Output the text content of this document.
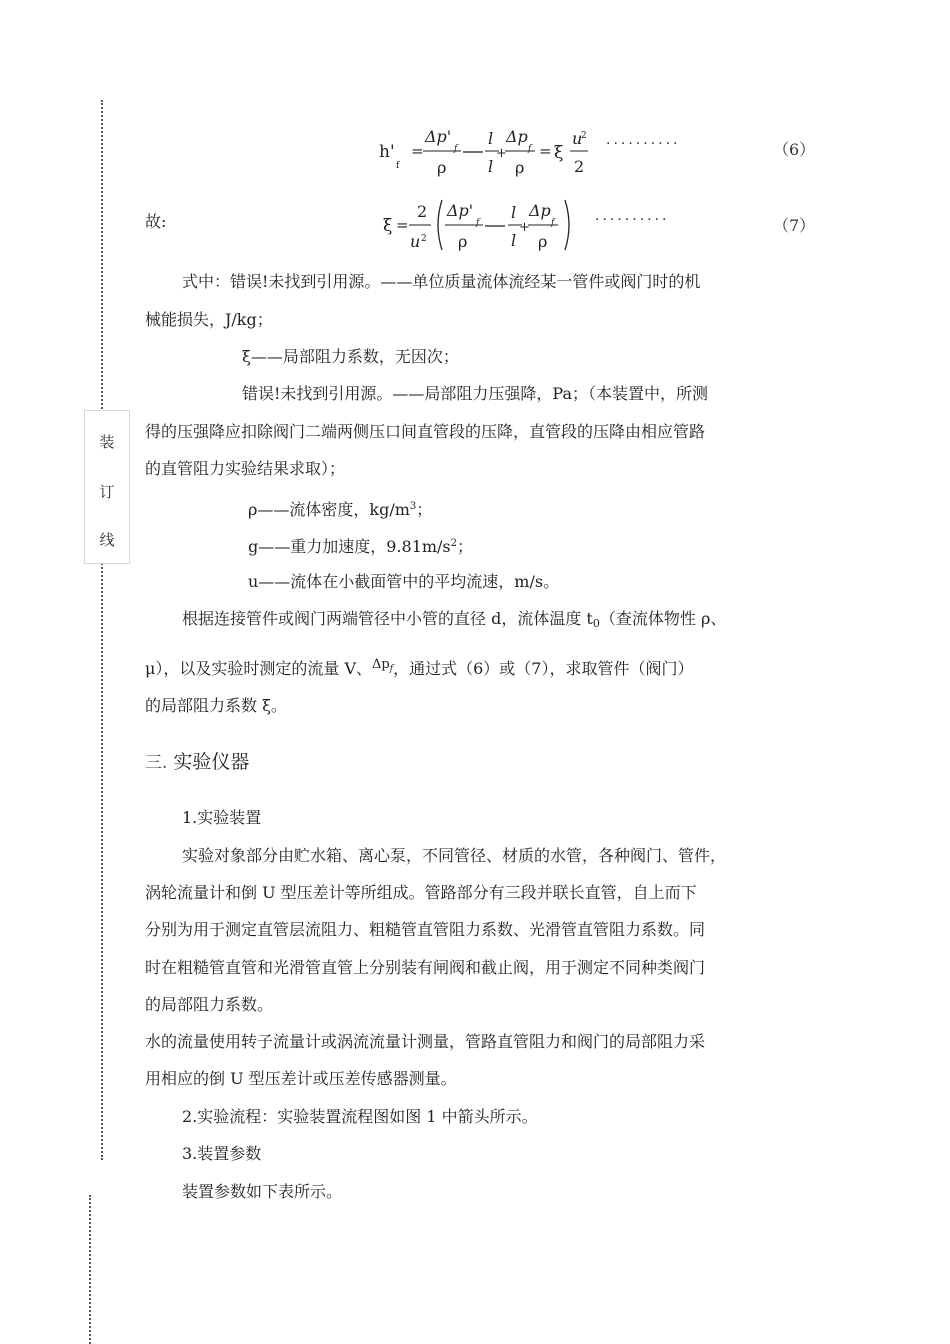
装
订
线
h'
f
=
Δp'
f
ρ
l
l
+
Δp
f
ρ
= ξ
u
2
2
··········	（6）
故:	ξ =
2
u 2
Δp'
f
ρ
l
l
+
Δp
f
ρ
··········	（7）
式中：错误!未找到引用源。——单位质量流体流经某一管件或阀门时的机
械能损失，J/kg；
ξ——局部阻力系数，无因次；
错误!未找到引用源。——局部阻力压强降，Pa；（本装置中，所测
得的压强降应扣除阀门二端两侧压口间直管段的压降，直管段的压降由相应管路
的直管阻力实验结果求取）；
ρ——流体密度，$kg/m^3$；
g——重力加速度，$9.81m/s^2$；
u——流体在小截面管中的平均流速，m/s。
根据连接管件或阀门两端管径中小管的直径 d，流体温度 $t_0$（查流体物性 ρ、
μ），以及实验时测定的流量 V、$^{\Delta p_f}$，通过式（6）或（7），求取管件（阀门）
的局部阻力系数 ξ。
三. 实验仪器
1.实验装置
实验对象部分由贮水箱、离心泵，不同管径、材质的水管，各种阀门、管件，
涡轮流量计和倒 U 型压差计等所组成。管路部分有三段并联长直管，自上而下
分别为用于测定直管层流阻力、粗糙管直管阻力系数、光滑管直管阻力系数。同
时在粗糙管直管和光滑管直管上分别装有闸阀和截止阀，用于测定不同种类阀门
的局部阻力系数。
水的流量使用转子流量计或涡流流量计测量，管路直管阻力和阀门的局部阻力采
用相应的倒 U 型压差计或压差传感器测量。
2.实验流程：实验装置流程图如图 1 中箭头所示。
3.装置参数
装置参数如下表所示。
